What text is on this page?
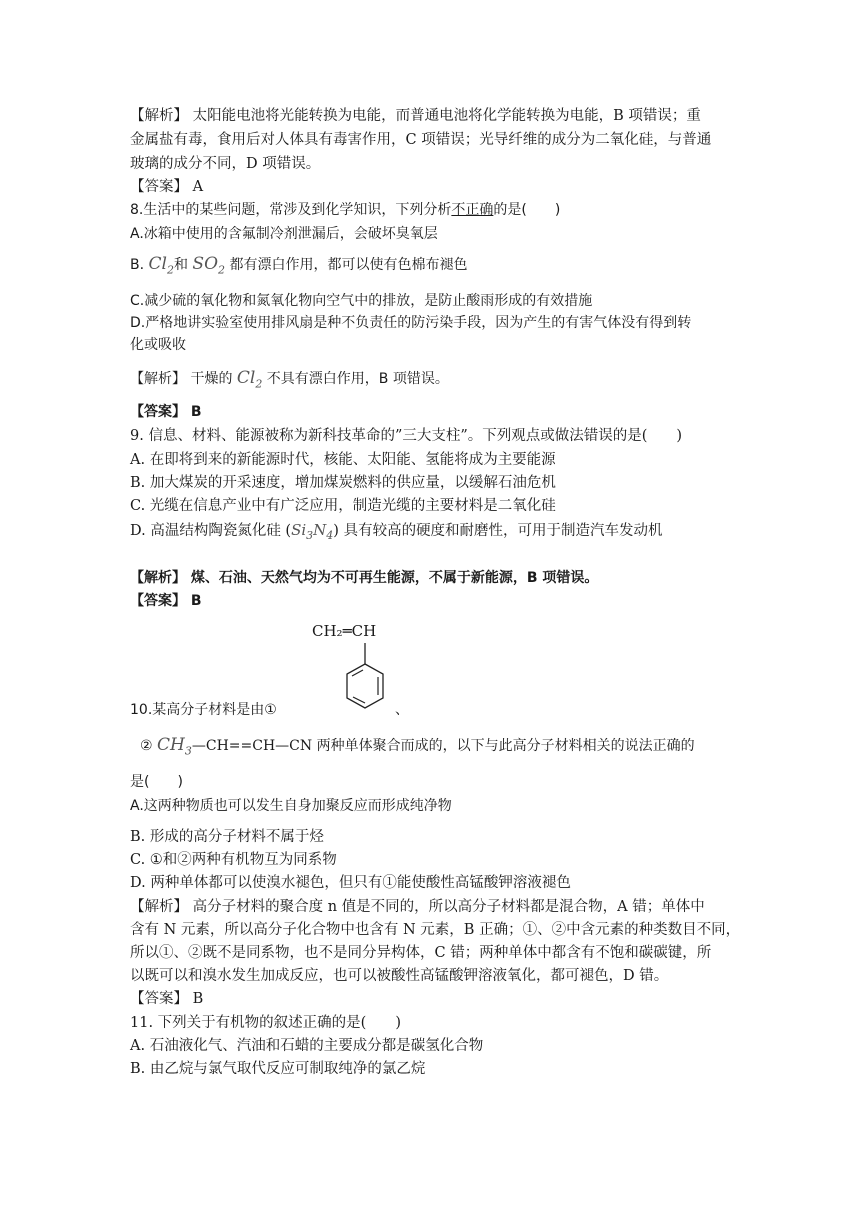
【解析】 太阳能电池将光能转换为电能，而普通电池将化学能转换为电能，B 项错误；重
金属盐有毒，食用后对人体具有毒害作用，C 项错误；光导纤维的成分为二氧化硅，与普通
玻璃的成分不同，D 项错误。
【答案】 A
8.生活中的某些问题，常涉及到化学知识，下列分析不正确的是(　　)
A.冰箱中使用的含氟制冷剂泄漏后，会破坏臭氧层
B. $Cl_2$和 $SO_2$ 都有漂白作用，都可以使有色棉布褪色
C.减少硫的氧化物和氮氧化物向空气中的排放，是防止酸雨形成的有效措施
D.严格地讲实验室使用排风扇是种不负责任的防污染手段，因为产生的有害气体没有得到转
化或吸收
【解析】 干燥的 $Cl_2$ 不具有漂白作用，B 项错误。
【答案】 B
9. 信息、材料、能源被称为新科技革命的”三大支柱”。下列观点或做法错误的是(　　)
A. 在即将到来的新能源时代，核能、太阳能、氢能将成为主要能源
B. 加大煤炭的开采速度，增加煤炭燃料的供应量，以缓解石油危机
C. 光缆在信息产业中有广泛应用，制造光缆的主要材料是二氧化硅
D. 高温结构陶瓷氮化硅 $(Si_3N_4)$ 具有较高的硬度和耐磨性，可用于制造汽车发动机
【解析】 煤、石油、天然气均为不可再生能源，不属于新能源，B 项错误。
【答案】 B
CH₂═CH
10.某高分子材料是由①	、
② $CH_3—CH==CH—CN$ 两种单体聚合而成的，以下与此高分子材料相关的说法正确的
是(　　)
A.这两种物质也可以发生自身加聚反应而形成纯净物
B. 形成的高分子材料不属于烃
C. ①和②两种有机物互为同系物
D. 两种单体都可以使溴水褪色，但只有①能使酸性高锰酸钾溶液褪色
【解析】 高分子材料的聚合度 n 值是不同的，所以高分子材料都是混合物，A 错；单体中
含有 N 元素，所以高分子化合物中也含有 N 元素，B 正确；①、②中含元素的种类数目不同，
所以①、②既不是同系物，也不是同分异构体，C 错；两种单体中都含有不饱和碳碳键，所
以既可以和溴水发生加成反应，也可以被酸性高锰酸钾溶液氧化，都可褪色，D 错。
【答案】 B
11. 下列关于有机物的叙述正确的是(　　)
A. 石油液化气、汽油和石蜡的主要成分都是碳氢化合物
B. 由乙烷与氯气取代反应可制取纯净的氯乙烷
